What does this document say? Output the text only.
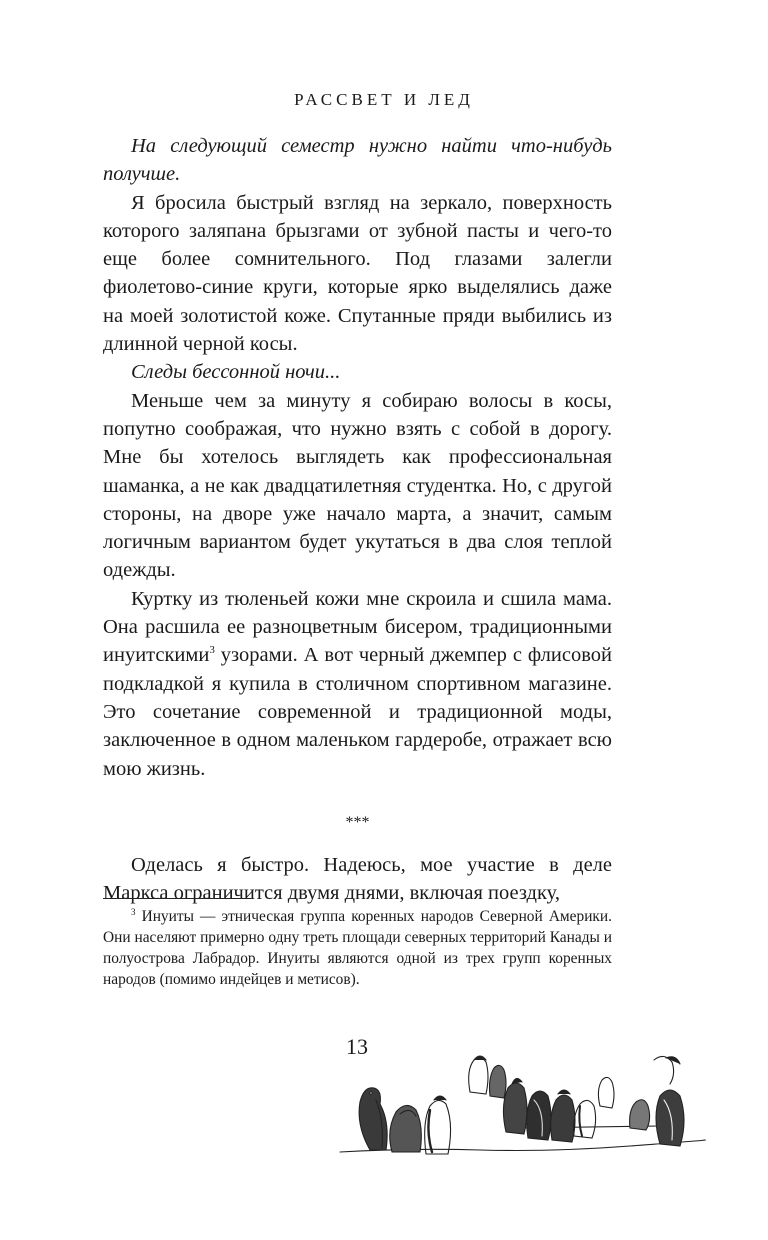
РАССВЕТ И ЛЕД

На следующий семестр нужно найти что-нибудь получше.

Я бросила быстрый взгляд на зеркало, поверхность которого заляпана брызгами от зубной пасты и чего-то еще более сомнительного. Под глазами залегли фиолетово-синие круги, которые ярко выделялись даже на моей золотистой коже. Спутанные пряди выбились из длинной черной косы.

Следы бессонной ночи...

Меньше чем за минуту я собираю волосы в косы, попутно соображая, что нужно взять с собой в дорогу. Мне бы хотелось выглядеть как профессиональная шаманка, а не как двадцатилетняя студентка. Но, с другой стороны, на дворе уже начало марта, а значит, самым логичным вариантом будет укутаться в два слоя теплой одежды.

Куртку из тюленьей кожи мне скроила и сшила мама. Она расшила ее разноцветным бисером, традиционными инуитскими$^3$ узорами. А вот черный джемпер с флисовой подкладкой я купила в столичном спортивном магазине. Это сочетание современной и традиционной моды, заключенное в одном маленьком гардеробе, отражает всю мою жизнь.

***

Оделась я быстро. Надеюсь, мое участие в деле Маркса ограничится двумя днями, включая поездку,

$^3$ Инуиты — этническая группа коренных народов Северной Америки. Они населяют примерно одну треть площади северных территорий Канады и полуострова Лабрадор. Инуиты являются одной из трех групп коренных народов (помимо индейцев и метисов).

13
